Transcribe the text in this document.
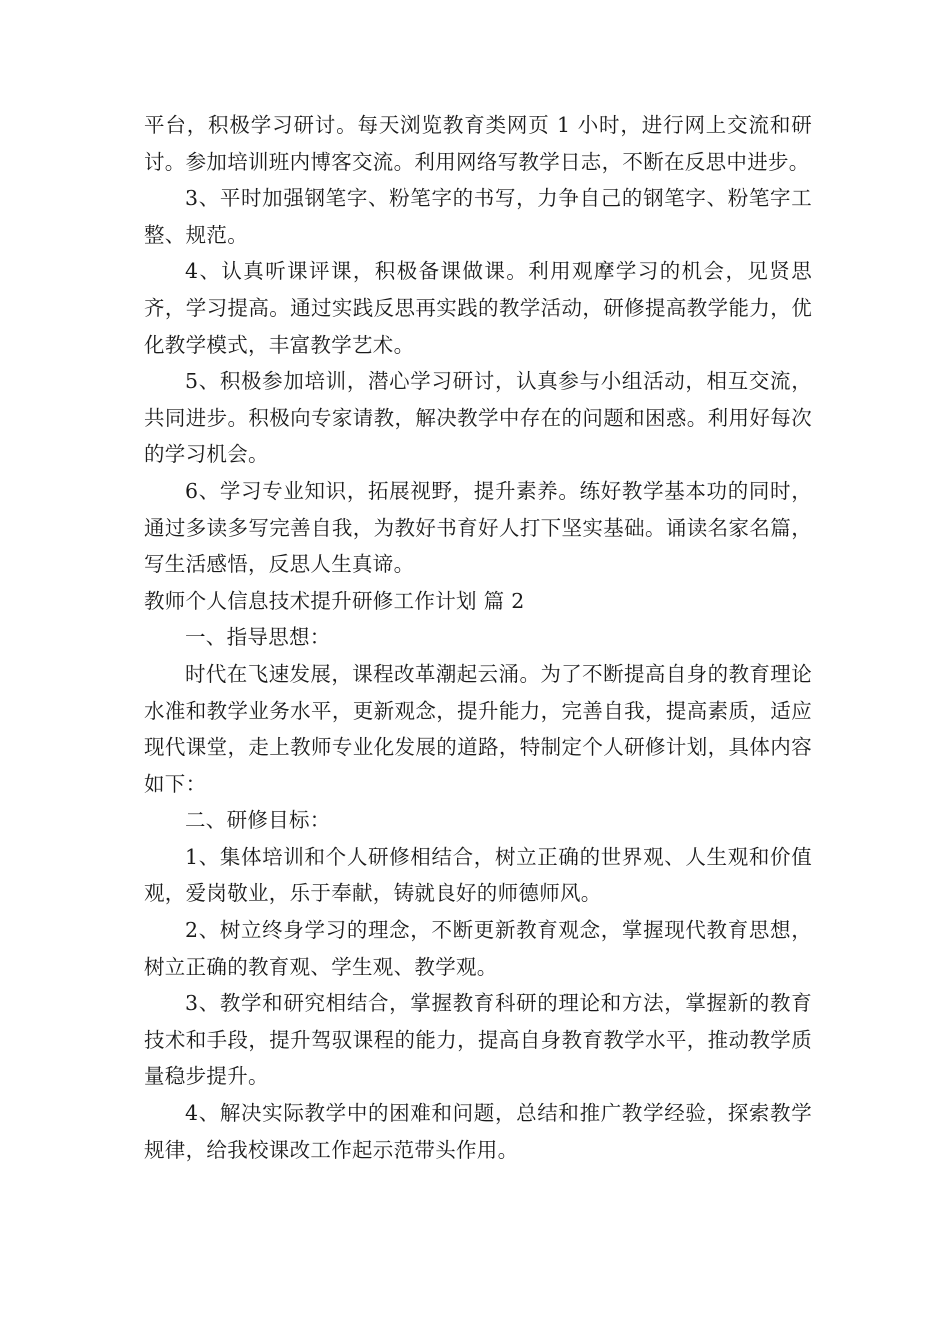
平台，积极学习研讨。每天浏览教育类网页 1 小时，进行网上交流和研讨。参加培训班内博客交流。利用网络写教学日志，不断在反思中进步。

3、平时加强钢笔字、粉笔字的书写，力争自己的钢笔字、粉笔字工整、规范。

4、认真听课评课，积极备课做课。利用观摩学习的机会，见贤思齐，学习提高。通过实践反思再实践的教学活动，研修提高教学能力，优化教学模式，丰富教学艺术。

5、积极参加培训，潜心学习研讨，认真参与小组活动，相互交流，共同进步。积极向专家请教，解决教学中存在的问题和困惑。利用好每次的学习机会。

6、学习专业知识，拓展视野，提升素养。练好教学基本功的同时，通过多读多写完善自我，为教好书育好人打下坚实基础。诵读名家名篇，写生活感悟，反思人生真谛。

教师个人信息技术提升研修工作计划 篇 2

一、指导思想：

时代在飞速发展，课程改革潮起云涌。为了不断提高自身的教育理论水准和教学业务水平，更新观念，提升能力，完善自我，提高素质，适应现代课堂，走上教师专业化发展的道路，特制定个人研修计划，具体内容如下：

二、研修目标：

1、集体培训和个人研修相结合，树立正确的世界观、人生观和价值观，爱岗敬业，乐于奉献，铸就良好的师德师风。

2、树立终身学习的理念，不断更新教育观念，掌握现代教育思想，树立正确的教育观、学生观、教学观。

3、教学和研究相结合，掌握教育科研的理论和方法，掌握新的教育技术和手段，提升驾驭课程的能力，提高自身教育教学水平，推动教学质量稳步提升。

4、解决实际教学中的困难和问题，总结和推广教学经验，探索教学规律，给我校课改工作起示范带头作用。
